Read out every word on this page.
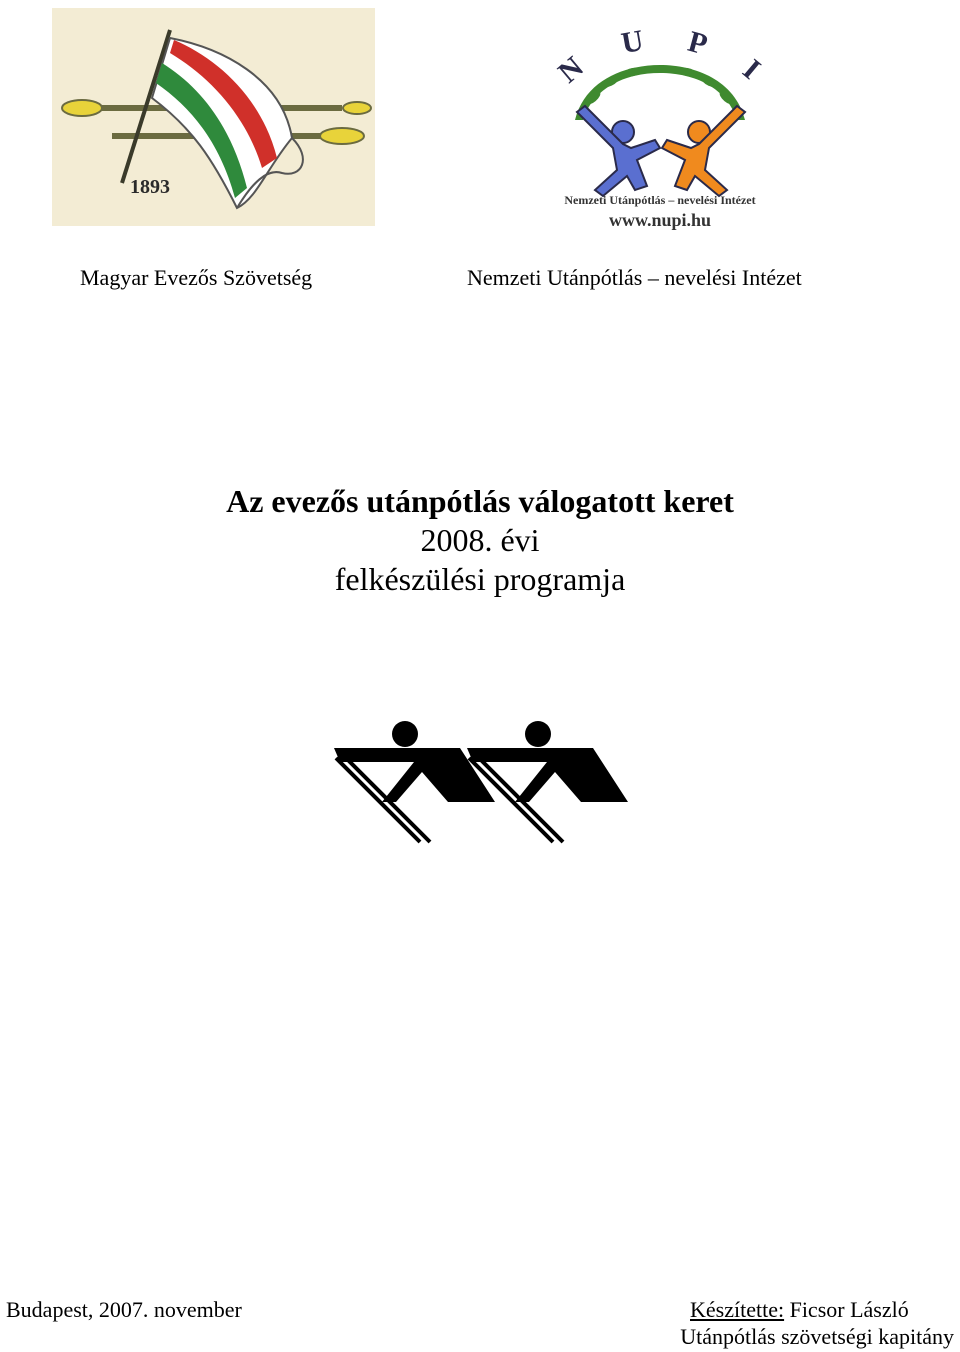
1893
N
U P
I
Nemzeti Utánpótlás – nevelési Intézet
www.nupi.hu
Magyar Evezős Szövetség	Nemzeti Utánpótlás – nevelési Intézet
Az evezős utánpótlás válogatott keret
2008. évi
felkészülési programja
Budapest, 2007. november	Készítette: Ficsor László
Utánpótlás szövetségi kapitány
